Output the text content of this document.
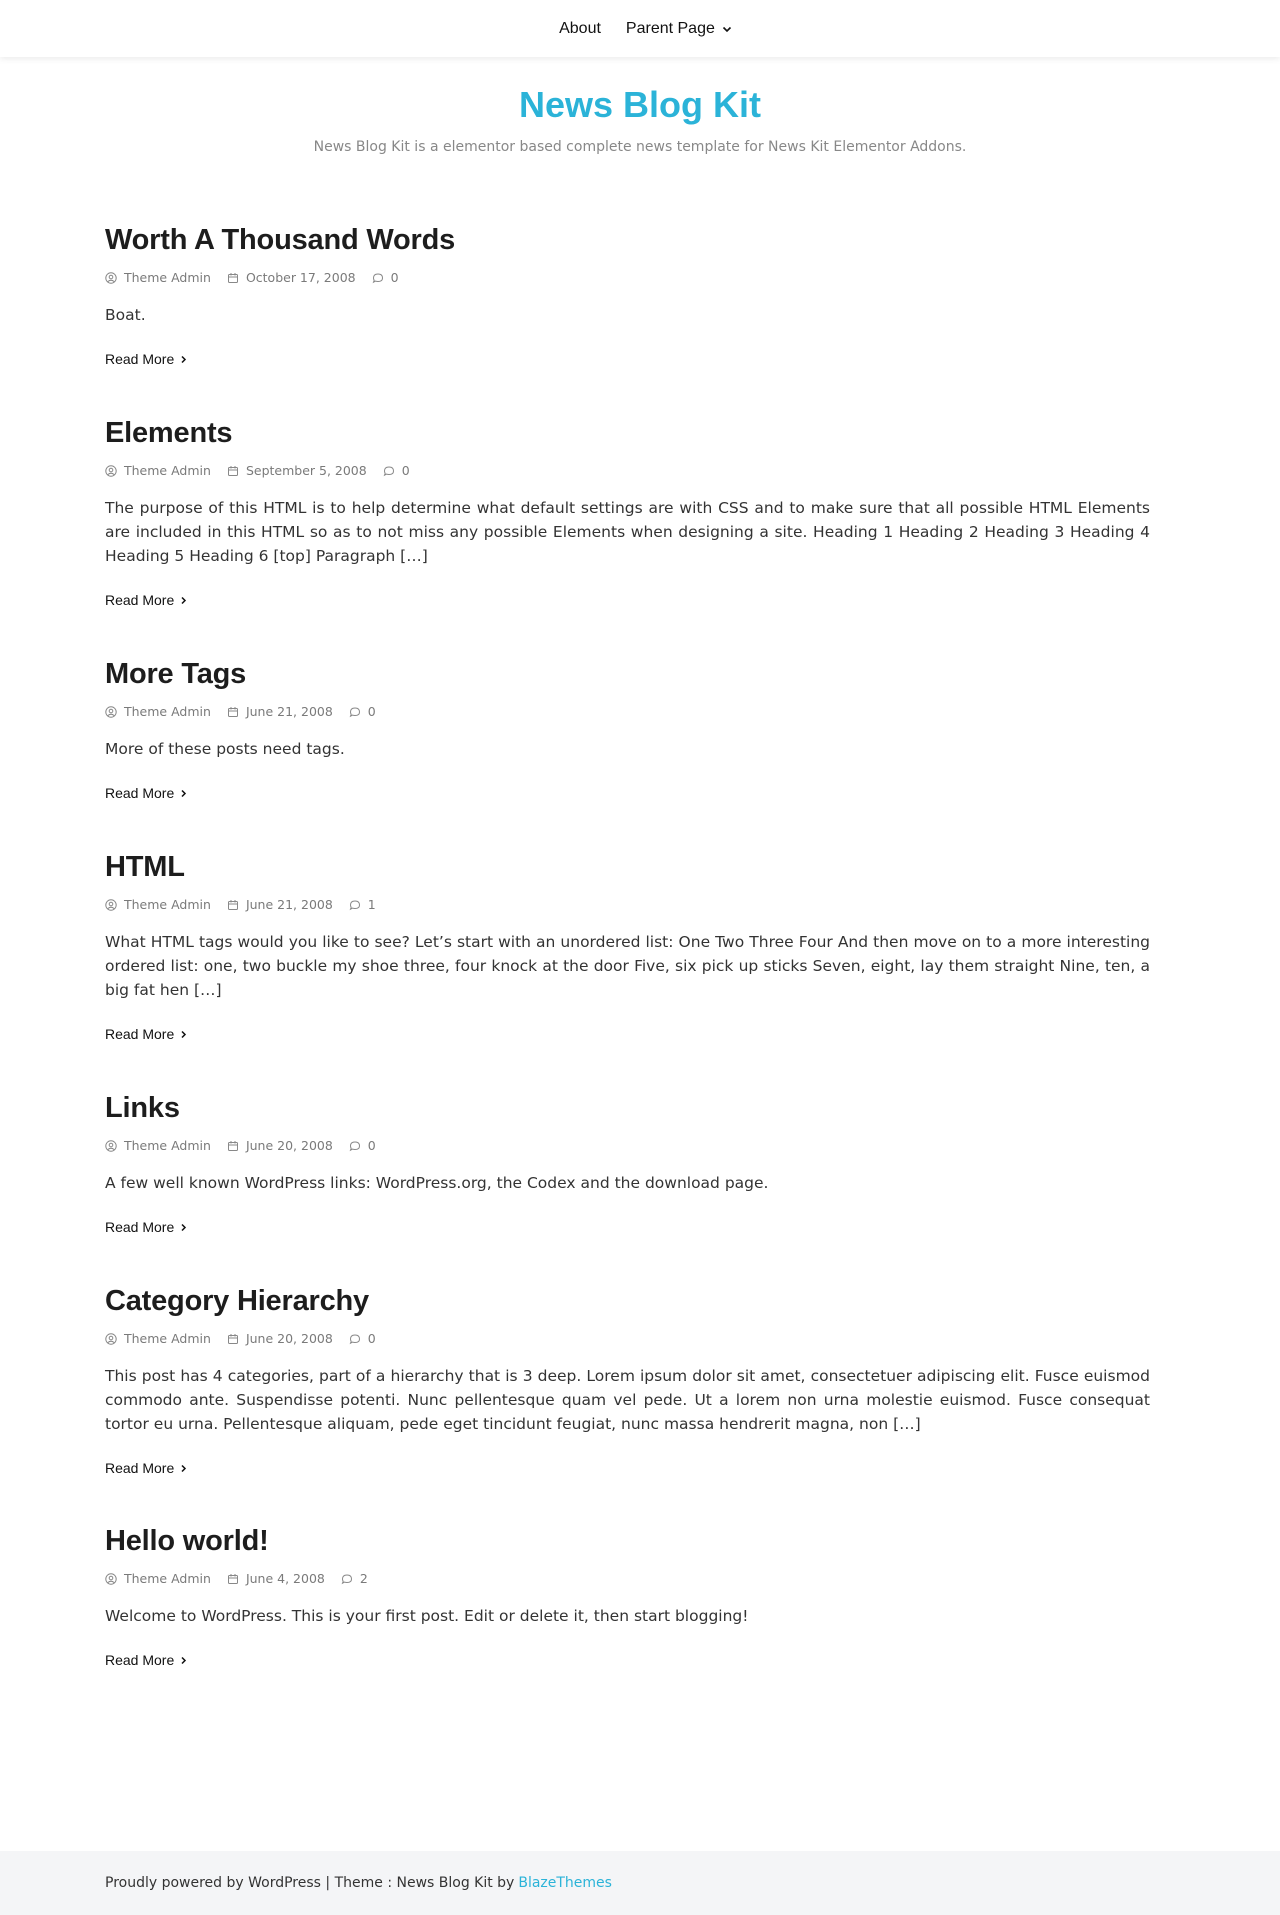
About Parent Page
News Blog Kit
News Blog Kit is a elementor based complete news template for News Kit Elementor Addons.
Worth A Thousand Words
Theme Admin	October 17, 2008	0

Boat.

Read More
Elements
Theme Admin	September 5, 2008	0

The purpose of this HTML is to help determine what default settings are with CSS and to make sure that all possible HTML Elements are included in this HTML so as to not miss any possible Elements when designing a site. Heading 1 Heading 2 Heading 3 Heading 4 Heading 5 Heading 6 [top] Paragraph […]

Read More
More Tags
Theme Admin	June 21, 2008	0

More of these posts need tags.

Read More
HTML
Theme Admin	June 21, 2008	1

What HTML tags would you like to see? Let’s start with an unordered list: One Two Three Four And then move on to a more interesting ordered list: one, two buckle my shoe three, four knock at the door Five, six pick up sticks Seven, eight, lay them straight Nine, ten, a big fat hen […]

Read More
Links
Theme Admin	June 20, 2008	0

A few well known WordPress links: WordPress.org, the Codex and the download page.

Read More
Category Hierarchy
Theme Admin	June 20, 2008	0

This post has 4 categories, part of a hierarchy that is 3 deep. Lorem ipsum dolor sit amet, consectetuer adipiscing elit. Fusce euismod commodo ante. Suspendisse potenti. Nunc pellentesque quam vel pede. Ut a lorem non urna molestie euismod. Fusce consequat tortor eu urna. Pellentesque aliquam, pede eget tincidunt feugiat, nunc massa hendrerit magna, non […]

Read More
Hello world!
Theme Admin	June 4, 2008	2

Welcome to WordPress. This is your first post. Edit or delete it, then start blogging!

Read More
Proudly powered by WordPress | Theme : News Blog Kit by BlazeThemes
